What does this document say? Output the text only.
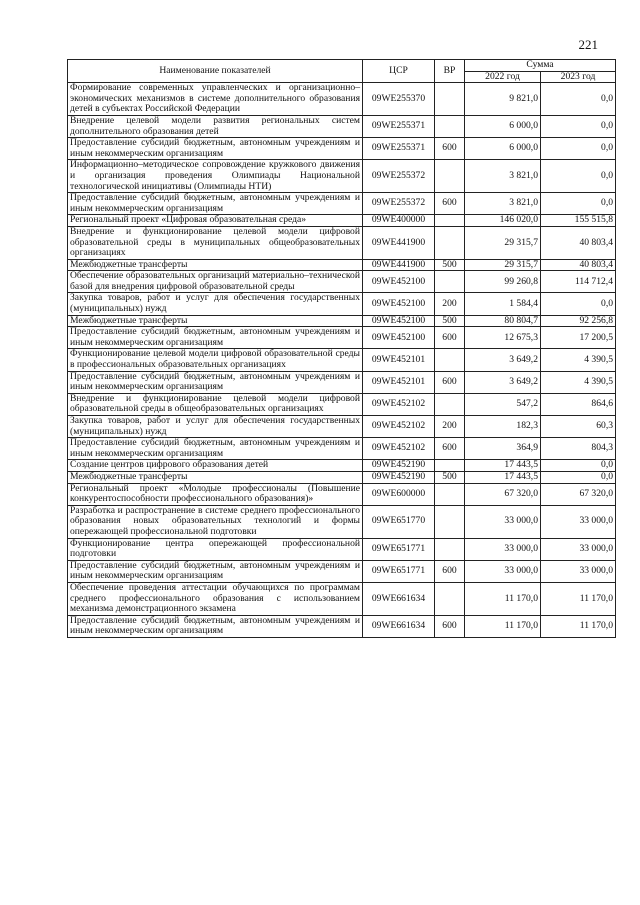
221
Наименование показателей	ЦСР	ВР	Сумма	
			2022 год	2023 год
Формирование современных управленческих и организационно–экономических механизмов в системе дополнительного образования детей в субъектах Российской Федерации	09WE255370		9 821,0	0,0
Внедрение целевой модели развития региональных систем дополнительного образования детей	09WE255371		6 000,0	0,0
Предоставление субсидий бюджетным, автономным учреждениям и иным некоммерческим организациям	09WE255371	600	6 000,0	0,0
Информационно–методическое сопровождение кружкового движения и организация проведения Олимпиады Национальной технологической инициативы (Олимпиады НТИ)	09WE255372		3 821,0	0,0
Предоставление субсидий бюджетным, автономным учреждениям и иным некоммерческим организациям	09WE255372	600	3 821,0	0,0
Региональный проект «Цифровая образовательная среда»	09WE400000		146 020,0	155 515,8
Внедрение и функционирование целевой модели цифровой образовательной среды в муниципальных общеобразовательных организациях	09WE441900		29 315,7	40 803,4
Межбюджетные трансферты	09WE441900	500	29 315,7	40 803,4
Обеспечение образовательных организаций материально–технической базой для внедрения цифровой образовательной среды	09WE452100		99 260,8	114 712,4
Закупка товаров, работ и услуг для обеспечения государственных (муниципальных) нужд	09WE452100	200	1 584,4	0,0
Межбюджетные трансферты	09WE452100	500	80 804,7	92 256,8
Предоставление субсидий бюджетным, автономным учреждениям и иным некоммерческим организациям	09WE452100	600	12 675,3	17 200,5
Функционирование целевой модели цифровой образовательной среды в профессиональных образовательных организациях	09WE452101		3 649,2	4 390,5
Предоставление субсидий бюджетным, автономным учреждениям и иным некоммерческим организациям	09WE452101	600	3 649,2	4 390,5
Внедрение и функционирование целевой модели цифровой образовательной среды в общеобразовательных организациях	09WE452102		547,2	864,6
Закупка товаров, работ и услуг для обеспечения государственных (муниципальных) нужд	09WE452102	200	182,3	60,3
Предоставление субсидий бюджетным, автономным учреждениям и иным некоммерческим организациям	09WE452102	600	364,9	804,3
Создание центров цифрового образования детей	09WE452190		17 443,5	0,0
Межбюджетные трансферты	09WE452190	500	17 443,5	0,0
Региональный проект «Молодые профессионалы (Повышение конкурентоспособности профессионального образования)»	09WE600000		67 320,0	67 320,0
Разработка и распространение в системе среднего профессионального образования новых образовательных технологий и формы опережающей профессиональной подготовки	09WE651770		33 000,0	33 000,0
Функционирование центра опережающей профессиональной подготовки	09WE651771		33 000,0	33 000,0
Предоставление субсидий бюджетным, автономным учреждениям и иным некоммерческим организациям	09WE651771	600	33 000,0	33 000,0
Обеспечение проведения аттестации обучающихся по программам среднего профессионального образования с использованием механизма демонстрационного экзамена	09WE661634		11 170,0	11 170,0
Предоставление субсидий бюджетным, автономным учреждениям и иным некоммерческим организациям	09WE661634	600	11 170,0	11 170,0
